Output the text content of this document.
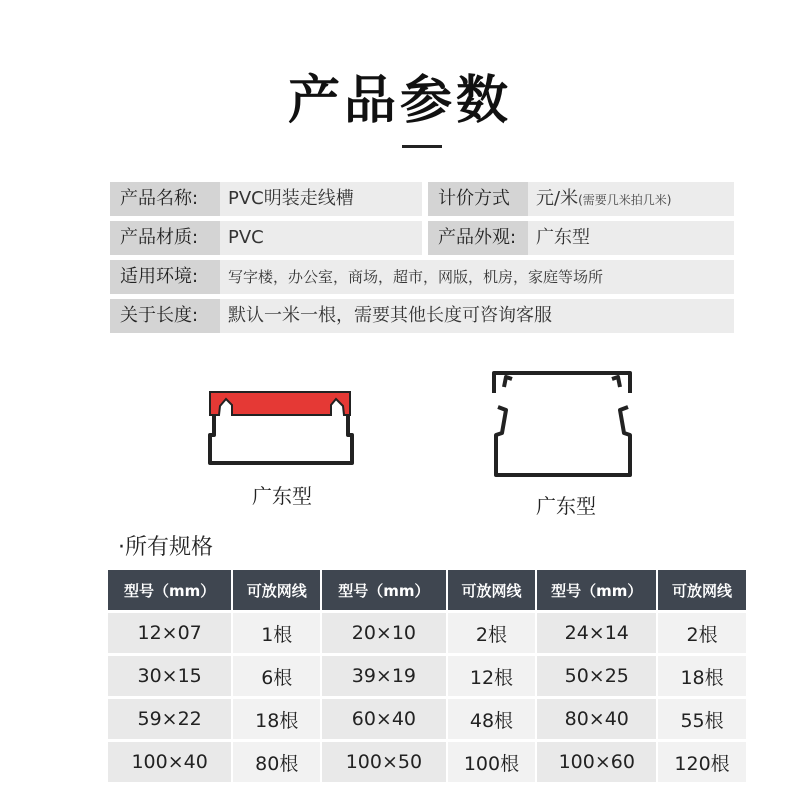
产品参数
产品名称:	PVC明装走线槽	计价方式	元/米(需要几米拍几米)
产品材质:	PVC	产品外观:	广东型
适用环境:	写字楼，办公室，商场，超市，网版，机房，家庭等场所
关于长度:	默认一米一根，需要其他长度可咨询客服
广东型	广东型
·所有规格
型号（mm）	可放网线	型号（mm）	可放网线	型号（mm）	可放网线
12×07	1根	20×10	2根	24×14	2根
30×15	6根	39×19	12根	50×25	18根
59×22	18根	60×40	48根	80×40	55根
100×40	80根	100×50	100根	100×60	120根
